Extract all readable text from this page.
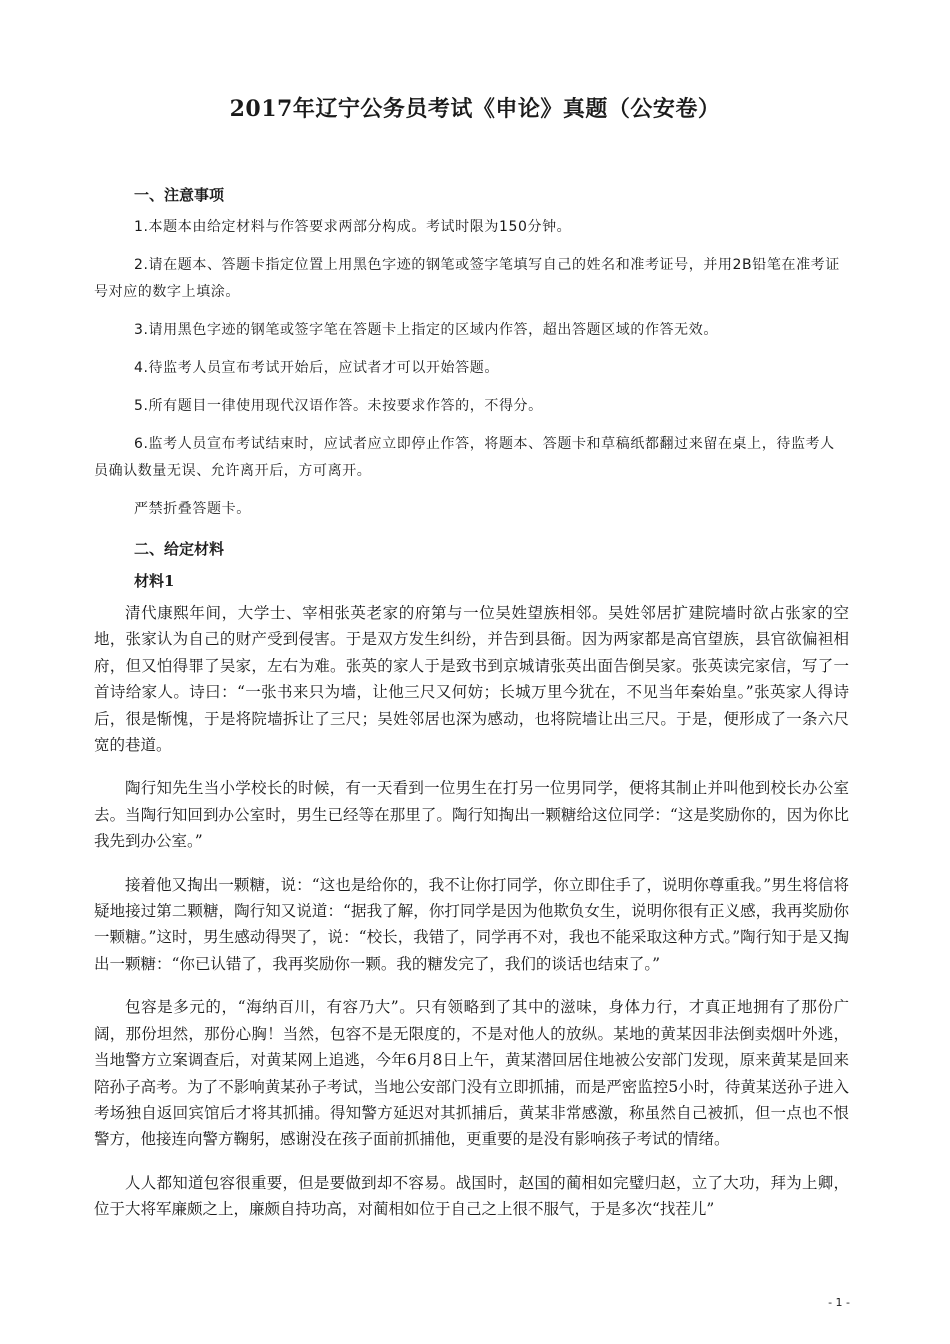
2017年辽宁公务员考试《申论》真题（公安卷）
一、注意事项

1.本题本由给定材料与作答要求两部分构成。考试时限为150分钟。

2.请在题本、答题卡指定位置上用黑色字迹的钢笔或签字笔填写自己的姓名和准考证号，并用2B铅笔在准考证号对应的数字上填涂。

3.请用黑色字迹的钢笔或签字笔在答题卡上指定的区域内作答，超出答题区域的作答无效。

4.待监考人员宣布考试开始后，应试者才可以开始答题。

5.所有题目一律使用现代汉语作答。未按要求作答的，不得分。

6.监考人员宣布考试结束时，应试者应立即停止作答，将题本、答题卡和草稿纸都翻过来留在桌上，待监考人员确认数量无误、允许离开后，方可离开。

严禁折叠答题卡。

二、给定材料
材料1

清代康熙年间，大学士、宰相张英老家的府第与一位吴姓望族相邻。吴姓邻居扩建院墙时欲占张家的空地，张家认为自己的财产受到侵害。于是双方发生纠纷，并告到县衙。因为两家都是高官望族，县官欲偏袒相府，但又怕得罪了吴家，左右为难。张英的家人于是致书到京城请张英出面告倒吴家。张英读完家信，写了一首诗给家人。诗曰：“一张书来只为墙，让他三尺又何妨；长城万里今犹在，不见当年秦始皇。”张英家人得诗后，很是惭愧，于是将院墙拆让了三尺；吴姓邻居也深为感动，也将院墙让出三尺。于是，便形成了一条六尺宽的巷道。

陶行知先生当小学校长的时候，有一天看到一位男生在打另一位男同学，便将其制止并叫他到校长办公室去。当陶行知回到办公室时，男生已经等在那里了。陶行知掏出一颗糖给这位同学：“这是奖励你的，因为你比我先到办公室。”

接着他又掏出一颗糖，说：“这也是给你的，我不让你打同学，你立即住手了，说明你尊重我。”男生将信将疑地接过第二颗糖，陶行知又说道：“据我了解，你打同学是因为他欺负女生，说明你很有正义感，我再奖励你一颗糖。”这时，男生感动得哭了，说：“校长，我错了，同学再不对，我也不能采取这种方式。”陶行知于是又掏出一颗糖：“你已认错了，我再奖励你一颗。我的糖发完了，我们的谈话也结束了。”

包容是多元的，“海纳百川，有容乃大”。只有领略到了其中的滋味，身体力行，才真正地拥有了那份广阔，那份坦然，那份心胸！当然，包容不是无限度的，不是对他人的放纵。某地的黄某因非法倒卖烟叶外逃，当地警方立案调查后，对黄某网上追逃，今年6月8日上午，黄某潜回居住地被公安部门发现，原来黄某是回来陪孙子高考。为了不影响黄某孙子考试，当地公安部门没有立即抓捕，而是严密监控5小时，待黄某送孙子进入考场独自返回宾馆后才将其抓捕。得知警方延迟对其抓捕后，黄某非常感激，称虽然自己被抓，但一点也不恨警方，他接连向警方鞠躬，感谢没在孩子面前抓捕他，更重要的是没有影响孩子考试的情绪。

人人都知道包容很重要，但是要做到却不容易。战国时，赵国的蔺相如完璧归赵，立了大功，拜为上卿，位于大将军廉颇之上，廉颇自持功高，对蔺相如位于自己之上很不服气，于是多次“找茬儿”

- 1 -
